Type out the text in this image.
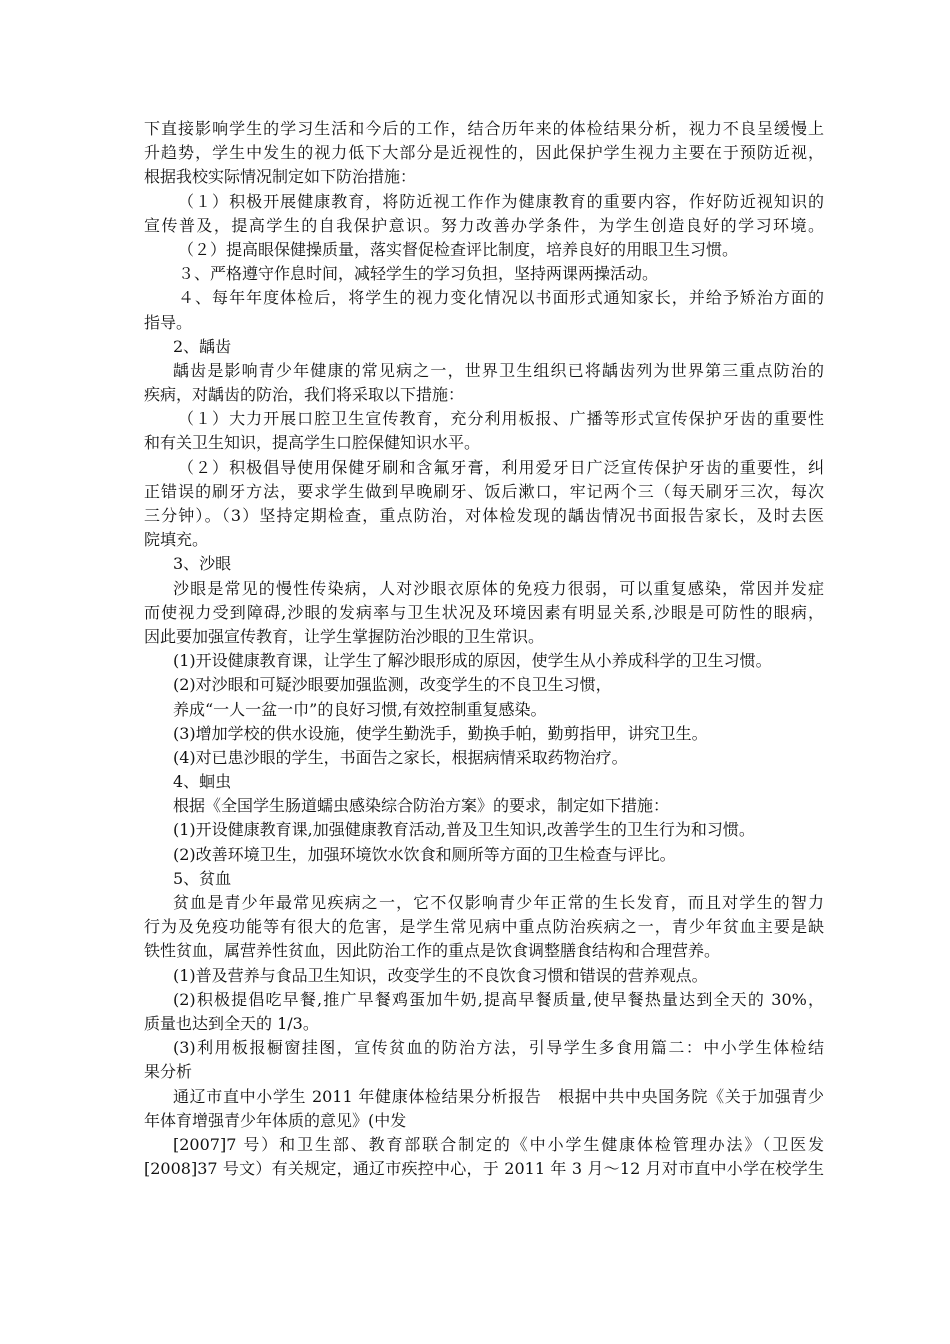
下直接影响学生的学习生活和今后的工作，结合历年来的体检结果分析，视力不良呈缓慢上
升趋势，学生中发生的视力低下大部分是近视性的，因此保护学生视力主要在于预防近视，
根据我校实际情况制定如下防治措施：
（１）积极开展健康教育，将防近视工作作为健康教育的重要内容，作好防近视知识的
宣传普及，提高学生的自我保护意识。努力改善办学条件，为学生创造良好的学习环境。
（２）提高眼保健操质量，落实督促检查评比制度，培养良好的用眼卫生习惯。
３、严格遵守作息时间，减轻学生的学习负担，坚持两课两操活动。
４、每年年度体检后，将学生的视力变化情况以书面形式通知家长，并给予矫治方面的
指导。
2、龋齿
龋齿是影响青少年健康的常见病之一，世界卫生组织已将龋齿列为世界第三重点防治的
疾病，对龋齿的防治，我们将采取以下措施：
（１）大力开展口腔卫生宣传教育，充分利用板报、广播等形式宣传保护牙齿的重要性
和有关卫生知识，提高学生口腔保健知识水平。
（２）积极倡导使用保健牙刷和含氟牙膏，利用爱牙日广泛宣传保护牙齿的重要性，纠
正错误的刷牙方法，要求学生做到早晚刷牙、饭后漱口，牢记两个三（每天刷牙三次，每次
三分钟）。（3）坚持定期检查，重点防治，对体检发现的龋齿情况书面报告家长，及时去医
院填充。
3、沙眼
沙眼是常见的慢性传染病，人对沙眼衣原体的免疫力很弱，可以重复感染，常因并发症
而使视力受到障碍,沙眼的发病率与卫生状况及环境因素有明显关系,沙眼是可防性的眼病，
因此要加强宣传教育，让学生掌握防治沙眼的卫生常识。
(1)开设健康教育课，让学生了解沙眼形成的原因，使学生从小养成科学的卫生习惯。
(2)对沙眼和可疑沙眼要加强监测，改变学生的不良卫生习惯，
养成“一人一盆一巾”的良好习惯,有效控制重复感染。
(3)增加学校的供水设施，使学生勤洗手，勤换手帕，勤剪指甲，讲究卫生。
(4)对已患沙眼的学生，书面告之家长，根据病情采取药物治疗。
4、蛔虫
根据《全国学生肠道蠕虫感染综合防治方案》的要求，制定如下措施：
(1)开设健康教育课,加强健康教育活动,普及卫生知识,改善学生的卫生行为和习惯。
(2)改善环境卫生，加强环境饮水饮食和厕所等方面的卫生检查与评比。
5、贫血
贫血是青少年最常见疾病之一，它不仅影响青少年正常的生长发育，而且对学生的智力
行为及免疫功能等有很大的危害，是学生常见病中重点防治疾病之一，青少年贫血主要是缺
铁性贫血，属营养性贫血，因此防治工作的重点是饮食调整膳食结构和合理营养。
(1)普及营养与食品卫生知识，改变学生的不良饮食习惯和错误的营养观点。
(2)积极提倡吃早餐,推广早餐鸡蛋加牛奶,提高早餐质量,使早餐热量达到全天的 30%，
质量也达到全天的 1/3。
(3)利用板报橱窗挂图，宣传贫血的防治方法，引导学生多食用篇二：中小学生体检结
果分析
通辽市直中小学生 2011 年健康体检结果分析报告　根据中共中央国务院《关于加强青少
年体育增强青少年体质的意见》(中发
[2007]7 号）和卫生部、教育部联合制定的《中小学生健康体检管理办法》（卫医发
[2008]37 号文）有关规定，通辽市疾控中心，于 2011 年 3 月～12 月对市直中小学在校学生
